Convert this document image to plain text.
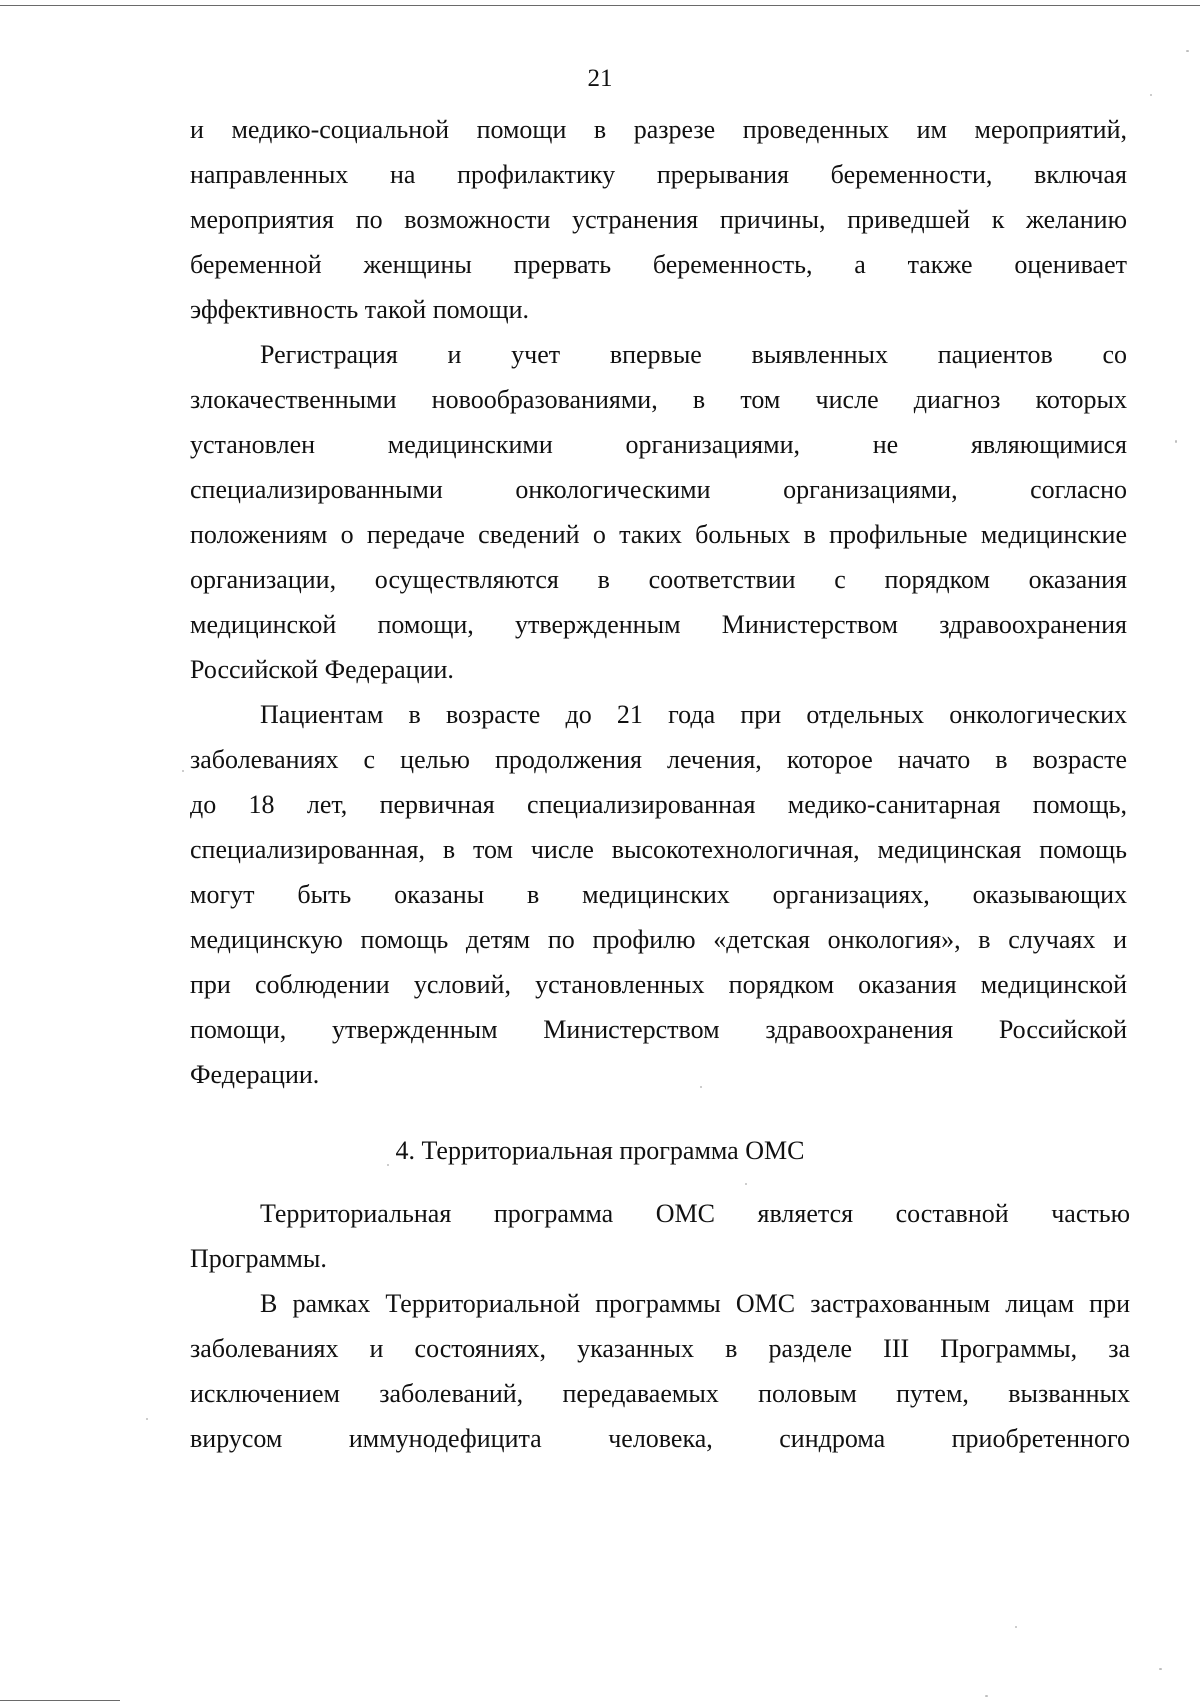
21
и медико-социальной помощи в разрезе проведенных им мероприятий,
направленных на профилактику прерывания беременности, включая
мероприятия по возможности устранения причины, приведшей к желанию
беременной женщины прервать беременность, а также оценивает
эффективность такой помощи.
Регистрация и учет впервые выявленных пациентов со
злокачественными новообразованиями, в том числе диагноз которых
установлен медицинскими организациями, не являющимися
специализированными онкологическими организациями, согласно
положениям о передаче сведений о таких больных в профильные медицинские
организации, осуществляются в соответствии с порядком оказания
медицинской помощи, утвержденным Министерством здравоохранения
Российской Федерации.
Пациентам в возрасте до 21 года при отдельных онкологических
заболеваниях с целью продолжения лечения, которое начато в возрасте
до 18 лет, первичная специализированная медико-санитарная помощь,
специализированная, в том числе высокотехнологичная, медицинская помощь
могут быть оказаны в медицинских организациях, оказывающих
медицинскую помощь детям по профилю «детская онкология», в случаях и
при соблюдении условий, установленных порядком оказания медицинской
помощи, утвержденным Министерством здравоохранения Российской
Федерации.
4. Территориальная программа ОМС
Территориальная программа ОМС является составной частью
Программы.
В рамках Территориальной программы ОМС застрахованным лицам при
заболеваниях и состояниях, указанных в разделе III Программы, за
исключением заболеваний, передаваемых половым путем, вызванных
вирусом иммунодефицита человека, синдрома приобретенного
